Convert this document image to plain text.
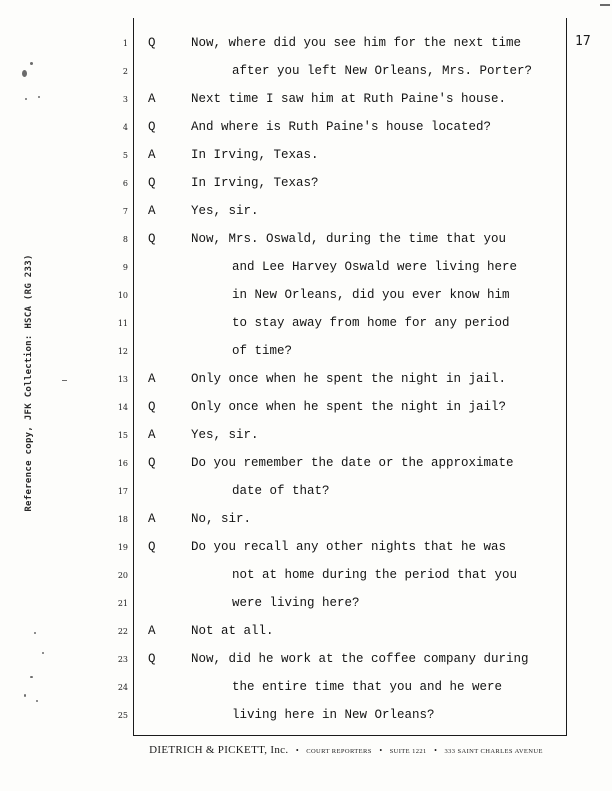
Reference copy, JFK Collection: HSCA (RG 233)
17
1 Q	Now, where did you see him for the next time
2	after you left New Orleans, Mrs. Porter?
3 A	Next time I saw him at Ruth Paine's house.
4 Q	And where is Ruth Paine's house located?
5 A	In Irving, Texas.
6 Q	In Irving, Texas?
7 A	Yes, sir.
8 Q	Now, Mrs. Oswald, during the time that you
9	and Lee Harvey Oswald were living here
10	in New Orleans, did you ever know him
11	to stay away from home for any period
12	of time?
13 A	Only once when he spent the night in jail.
14 Q	Only once when he spent the night in jail?
15 A	Yes, sir.
16 Q	Do you remember the date or the approximate
17	date of that?
18 A	No, sir.
19 Q	Do you recall any other nights that he was
20	not at home during the period that you
21	were living here?
22 A	Not at all.
23 Q	Now, did he work at the coffee company during
24	the entire time that you and he were
25	living here in New Orleans?
DIETRICH & PICKETT, Inc. • COURT REPORTERS • SUITE 1221 • 333 SAINT CHARLES AVENUE
